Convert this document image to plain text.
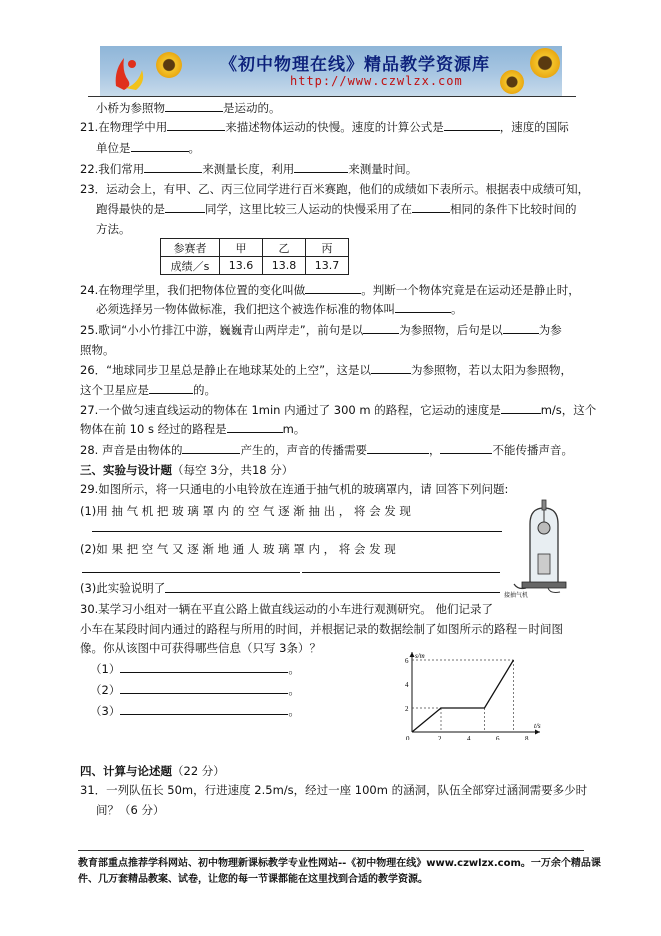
《初中物理在线》精品教学资源库
http://www.czwlzx.com
小桥为参照物	是运动的。
21.在物理学中用	来描述物体运动的快慢。速度的计算公式是	，速度的国际
单位是	。
22.我们常用	来测量长度，利用	来测量时间。
23．运动会上，有甲、乙、丙三位同学进行百米赛跑，他们的成绩如下表所示。根据表中成绩可知，
跑得最快的是	同学，这里比较三人运动的快慢采用了在	相同的条件下比较时间的
方法。
参赛者	甲	乙	丙
成绩／s	13.6	13.8	13.7
24.在物理学里，我们把物体位置的变化叫做	。判断一个物体究竟是在运动还是静止时，
必须选择另一物体做标准，我们把这个被选作标准的物体叫	。
25.歌词“小小竹排江中游，巍巍青山两岸走”，前句是以	为参照物，后句是以	为参
照物。
26．“地球同步卫星总是静止在地球某处的上空”，这是以	为参照物，若以太阳为参照物，
这个卫星应是	的。
27.一个做匀速直线运动的物体在 1min 内通过了 300 m 的路程，它运动的速度是	m/s，这个
物体在前 10 s 经过的路程是	m。
28. 声音是由物体的	产生的，声音的传播需要	，	不能传播声音。
三、实验与设计题（每空 3分，共18 分）
29.如图所示，将一只通电的小电铃放在连通于抽气机的玻璃罩内，请 回答下列问题:
(1)用 抽 气 机 把 玻 璃 罩 内 的 空 气 逐 渐 抽 出 ， 将 会 发 现
(2)如 果 把 空 气 又 逐 渐 地 通 人 玻 璃 罩 内 ， 将 会 发 现
(3)此实验说明了
接抽气机
30.某学习小组对一辆在平直公路上做直线运动的小车进行观测研究。 他们记录了
小车在某段时间内通过的路程与所用的时间，并根据记录的数据绘制了如图所示的路程－时间图
像。你从该图中可获得哪些信息（只写 3条）？
（1）	。
（2）	。
（3）	。
0	2	4	6	8
2
4
6
s/m
t/s
四、计算与论述题（22 分）
31．一列队伍长 50m，行进速度 2.5m/s，经过一座 100m 的涵洞，队伍全部穿过涵洞需要多少时
间？（6 分）
教育部重点推荐学科网站、初中物理新课标教学专业性网站--《初中物理在线》www.czwlzx.com。一万余个精品课
件、几万套精品教案、试卷，让您的每一节课都能在这里找到合适的教学资源。
